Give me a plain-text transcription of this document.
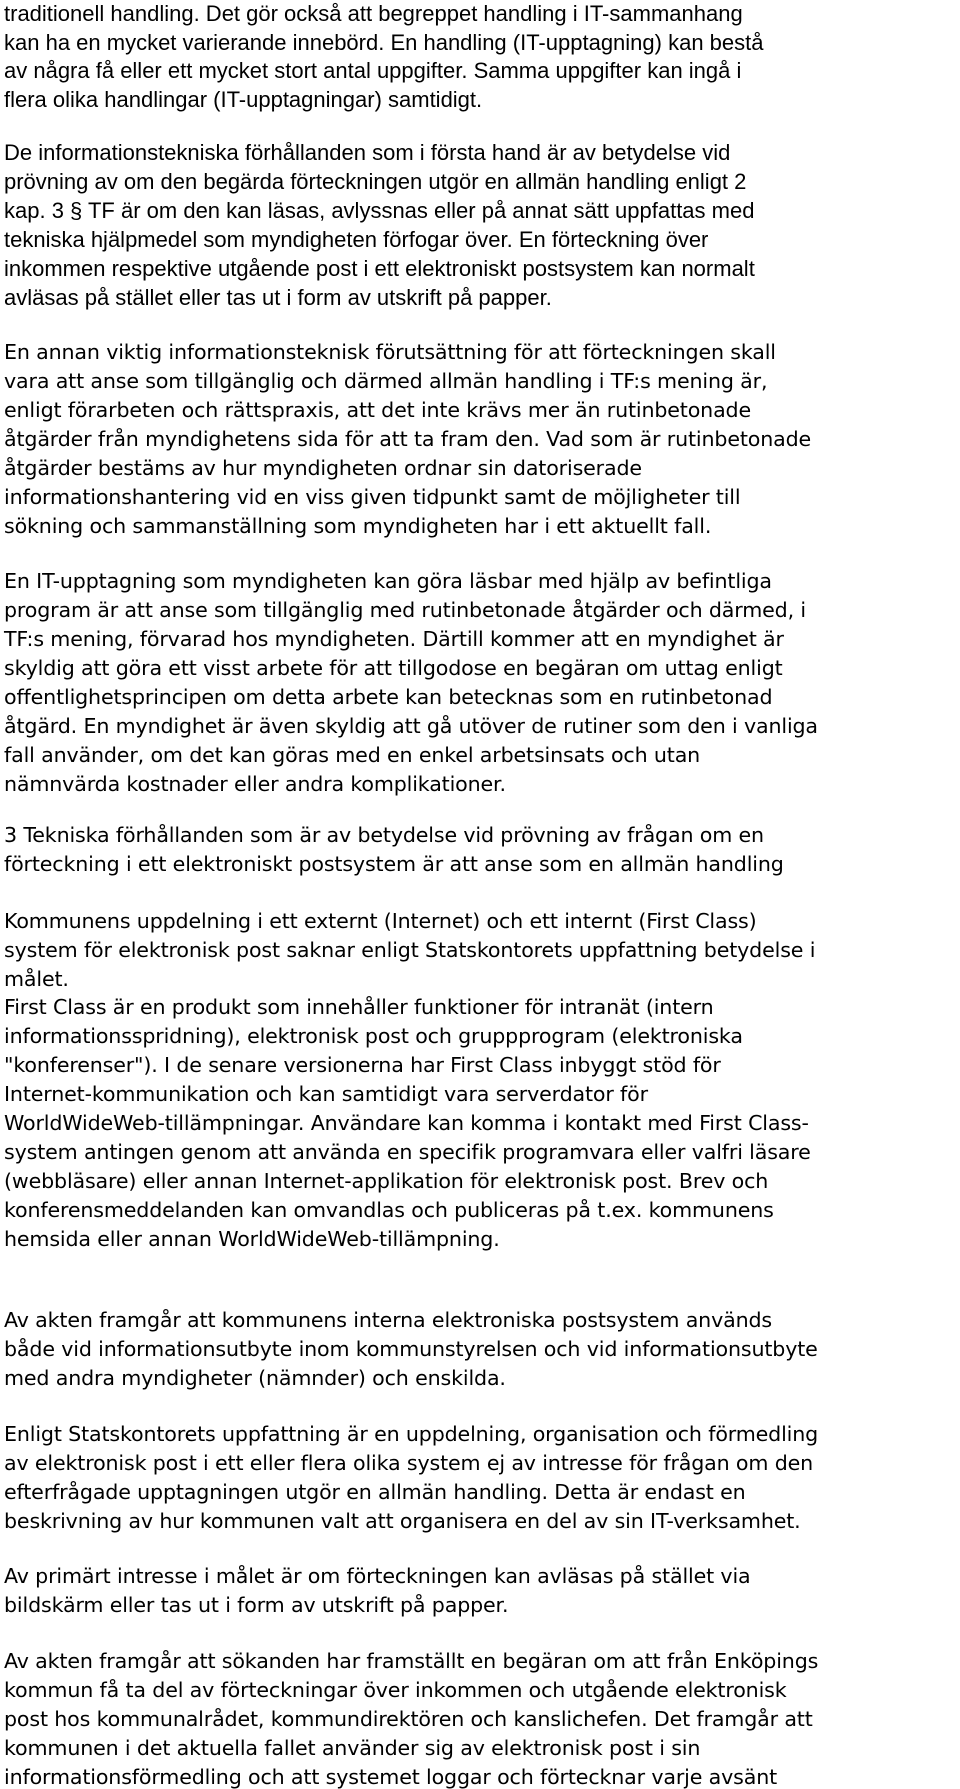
traditionell handling. Det gör också att begreppet handling i IT-sammanhang
kan ha en mycket varierande innebörd. En handling (IT-upptagning) kan bestå
av några få eller ett mycket stort antal uppgifter. Samma uppgifter kan ingå i
flera olika handlingar (IT-upptagningar) samtidigt.

De informationstekniska förhållanden som i första hand är av betydelse vid
prövning av om den begärda förteckningen utgör en allmän handling enligt 2
kap. 3 § TF är om den kan läsas, avlyssnas eller på annat sätt uppfattas med
tekniska hjälpmedel som myndigheten förfogar över. En förteckning över
inkommen respektive utgående post i ett elektroniskt postsystem kan normalt
avläsas på stället eller tas ut i form av utskrift på papper.

En annan viktig informationsteknisk förutsättning för att förteckningen skall
vara att anse som tillgänglig och därmed allmän handling i TF:s mening är,
enligt förarbeten och rättspraxis, att det inte krävs mer än rutinbetonade
åtgärder från myndighetens sida för att ta fram den. Vad som är rutinbetonade
åtgärder bestäms av hur myndigheten ordnar sin datoriserade
informationshantering vid en viss given tidpunkt samt de möjligheter till
sökning och sammanställning som myndigheten har i ett aktuellt fall.

En IT-upptagning som myndigheten kan göra läsbar med hjälp av befintliga
program är att anse som tillgänglig med rutinbetonade åtgärder och därmed, i
TF:s mening, förvarad hos myndigheten. Därtill kommer att en myndighet är
skyldig att göra ett visst arbete för att tillgodose en begäran om uttag enligt
offentlighetsprincipen om detta arbete kan betecknas som en rutinbetonad
åtgärd. En myndighet är även skyldig att gå utöver de rutiner som den i vanliga
fall använder, om det kan göras med en enkel arbetsinsats och utan
nämnvärda kostnader eller andra komplikationer.

3 Tekniska förhållanden som är av betydelse vid prövning av frågan om en
förteckning i ett elektroniskt postsystem är att anse som en allmän handling

Kommunens uppdelning i ett externt (Internet) och ett internt (First Class)
system för elektronisk post saknar enligt Statskontorets uppfattning betydelse i
målet.

First Class är en produkt som innehåller funktioner för intranät (intern
informationsspridning), elektronisk post och gruppprogram (elektroniska
"konferenser"). I de senare versionerna har First Class inbyggt stöd för
Internet-kommunikation och kan samtidigt vara serverdator för
WorldWideWeb-tillämpningar. Användare kan komma i kontakt med First Class-
system antingen genom att använda en specifik programvara eller valfri läsare
(webbläsare) eller annan Internet-applikation för elektronisk post. Brev och
konferensmeddelanden kan omvandlas och publiceras på t.ex. kommunens
hemsida eller annan WorldWideWeb-tillämpning.

Av akten framgår att kommunens interna elektroniska postsystem används
både vid informationsutbyte inom kommunstyrelsen och vid informationsutbyte
med andra myndigheter (nämnder) och enskilda.

Enligt Statskontorets uppfattning är en uppdelning, organisation och förmedling
av elektronisk post i ett eller flera olika system ej av intresse för frågan om den
efterfrågade upptagningen utgör en allmän handling. Detta är endast en
beskrivning av hur kommunen valt att organisera en del av sin IT-verksamhet.

Av primärt intresse i målet är om förteckningen kan avläsas på stället via
bildskärm eller tas ut i form av utskrift på papper.

Av akten framgår att sökanden har framställt en begäran om att från Enköpings
kommun få ta del av förteckningar över inkommen och utgående elektronisk
post hos kommunalrådet, kommundirektören och kanslichefen. Det framgår att
kommunen i det aktuella fallet använder sig av elektronisk post i sin
informationsförmedling och att systemet loggar och förtecknar varje avsänt
